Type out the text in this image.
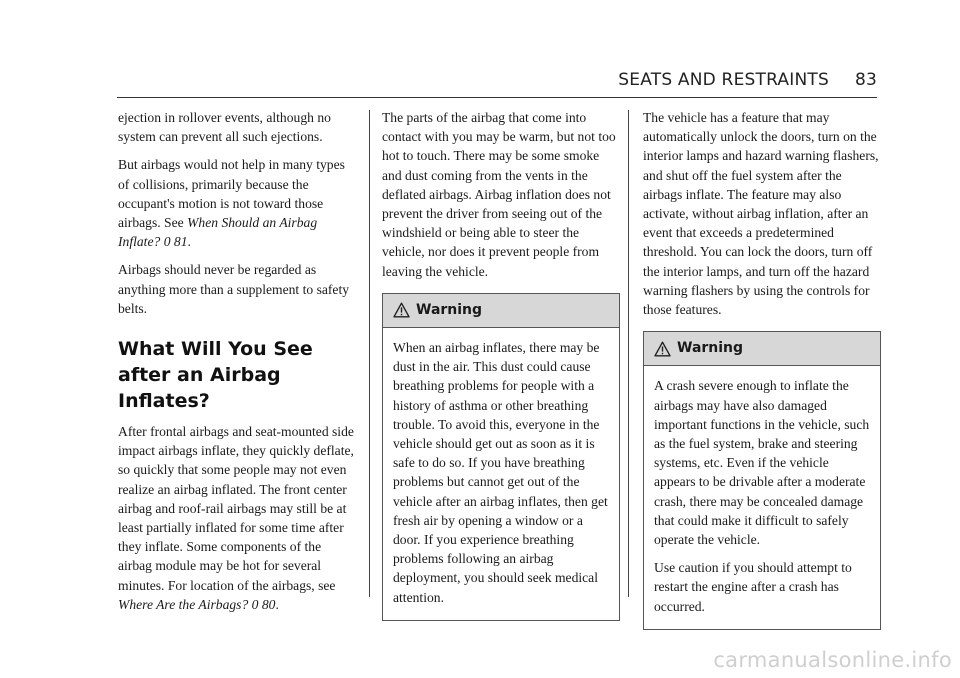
SEATS AND RESTRAINTS 83

ejection in rollover events, although no system can prevent all such ejections.

But airbags would not help in many types of collisions, primarily because the occupant's motion is not toward those airbags. See When Should an Airbag Inflate? 0 81.

Airbags should never be regarded as anything more than a supplement to safety belts.

What Will You See after an Airbag Inflates?

After frontal airbags and seat-mounted side impact airbags inflate, they quickly deflate, so quickly that some people may not even realize an airbag inflated. The front center airbag and roof-rail airbags may still be at least partially inflated for some time after they inflate. Some components of the airbag module may be hot for several minutes. For location of the airbags, see Where Are the Airbags? 0 80.

The parts of the airbag that come into contact with you may be warm, but not too hot to touch. There may be some smoke and dust coming from the vents in the deflated airbags. Airbag inflation does not prevent the driver from seeing out of the windshield or being able to steer the vehicle, nor does it prevent people from leaving the vehicle.

Warning

When an airbag inflates, there may be dust in the air. This dust could cause breathing problems for people with a history of asthma or other breathing trouble. To avoid this, everyone in the vehicle should get out as soon as it is safe to do so. If you have breathing problems but cannot get out of the vehicle after an airbag inflates, then get fresh air by opening a window or a door. If you experience breathing problems following an airbag deployment, you should seek medical attention.

The vehicle has a feature that may automatically unlock the doors, turn on the interior lamps and hazard warning flashers, and shut off the fuel system after the airbags inflate. The feature may also activate, without airbag inflation, after an event that exceeds a predetermined threshold. You can lock the doors, turn off the interior lamps, and turn off the hazard warning flashers by using the controls for those features.

Warning

A crash severe enough to inflate the airbags may have also damaged important functions in the vehicle, such as the fuel system, brake and steering systems, etc. Even if the vehicle appears to be drivable after a moderate crash, there may be concealed damage that could make it difficult to safely operate the vehicle.

Use caution if you should attempt to restart the engine after a crash has occurred.

carmanualsonline.info
